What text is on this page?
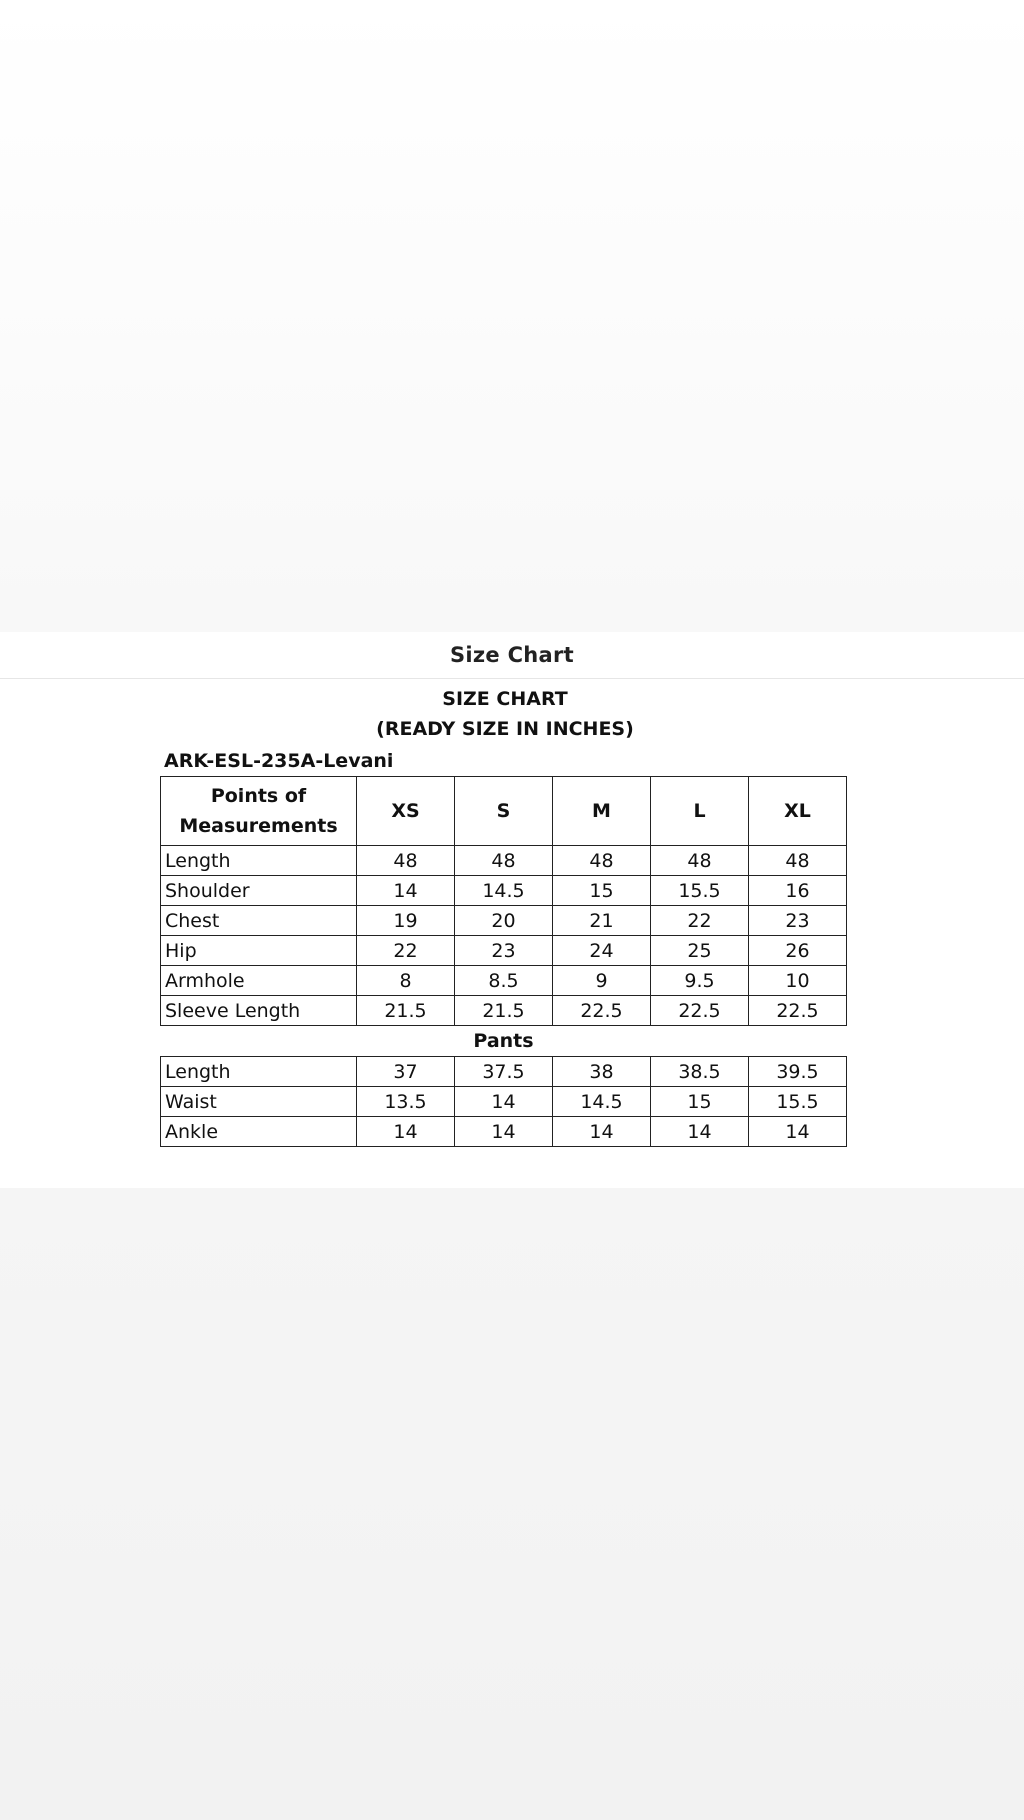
Size Chart
SIZE CHART
(READY SIZE IN INCHES)
ARK-ESL-235A-Levani
Points of
Measurements	XS	S	M	L	XL
Length	48	48	48	48	48
Shoulder	14	14.5	15	15.5	16
Chest	19	20	21	22	23
Hip	22	23	24	25	26
Armhole	8	8.5	9	9.5	10
Sleeve Length	21.5	21.5	22.5	22.5	22.5
Pants
Length	37	37.5	38	38.5	39.5
Waist	13.5	14	14.5	15	15.5
Ankle	14	14	14	14	14
